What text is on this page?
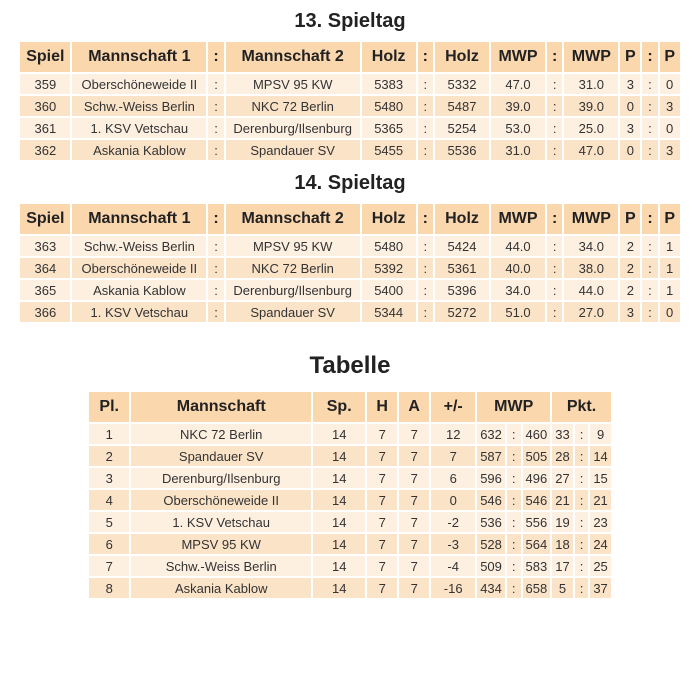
13. Spieltag
Spiel	Mannschaft 1	:	Mannschaft 2	Holz	:	Holz	MWP	:	MWP	P	:	P
359	Oberschöneweide II	:	MPSV 95 KW	5383	:	5332	47.0	:	31.0	3	:	0
360	Schw.-Weiss Berlin	:	NKC 72 Berlin	5480	:	5487	39.0	:	39.0	0	:	3
361	1. KSV Vetschau	:	Derenburg/Ilsenburg	5365	:	5254	53.0	:	25.0	3	:	0
362	Askania Kablow	:	Spandauer SV	5455	:	5536	31.0	:	47.0	0	:	3
14. Spieltag
Spiel	Mannschaft 1	:	Mannschaft 2	Holz	:	Holz	MWP	:	MWP	P	:	P
363	Schw.-Weiss Berlin	:	MPSV 95 KW	5480	:	5424	44.0	:	34.0	2	:	1
364	Oberschöneweide II	:	NKC 72 Berlin	5392	:	5361	40.0	:	38.0	2	:	1
365	Askania Kablow	:	Derenburg/Ilsenburg	5400	:	5396	34.0	:	44.0	2	:	1
366	1. KSV Vetschau	:	Spandauer SV	5344	:	5272	51.0	:	27.0	3	:	0
Tabelle
Pl.	Mannschaft	Sp.	H	A	+/-	MWP			Pkt.		
1	NKC 72 Berlin	14	7	7	12	632	:	460	33	:	9
2	Spandauer SV	14	7	7	7	587	:	505	28	:	14
3	Derenburg/Ilsenburg	14	7	7	6	596	:	496	27	:	15
4	Oberschöneweide II	14	7	7	0	546	:	546	21	:	21
5	1. KSV Vetschau	14	7	7	-2	536	:	556	19	:	23
6	MPSV 95 KW	14	7	7	-3	528	:	564	18	:	24
7	Schw.-Weiss Berlin	14	7	7	-4	509	:	583	17	:	25
8	Askania Kablow	14	7	7	-16	434	:	658	5	:	37
